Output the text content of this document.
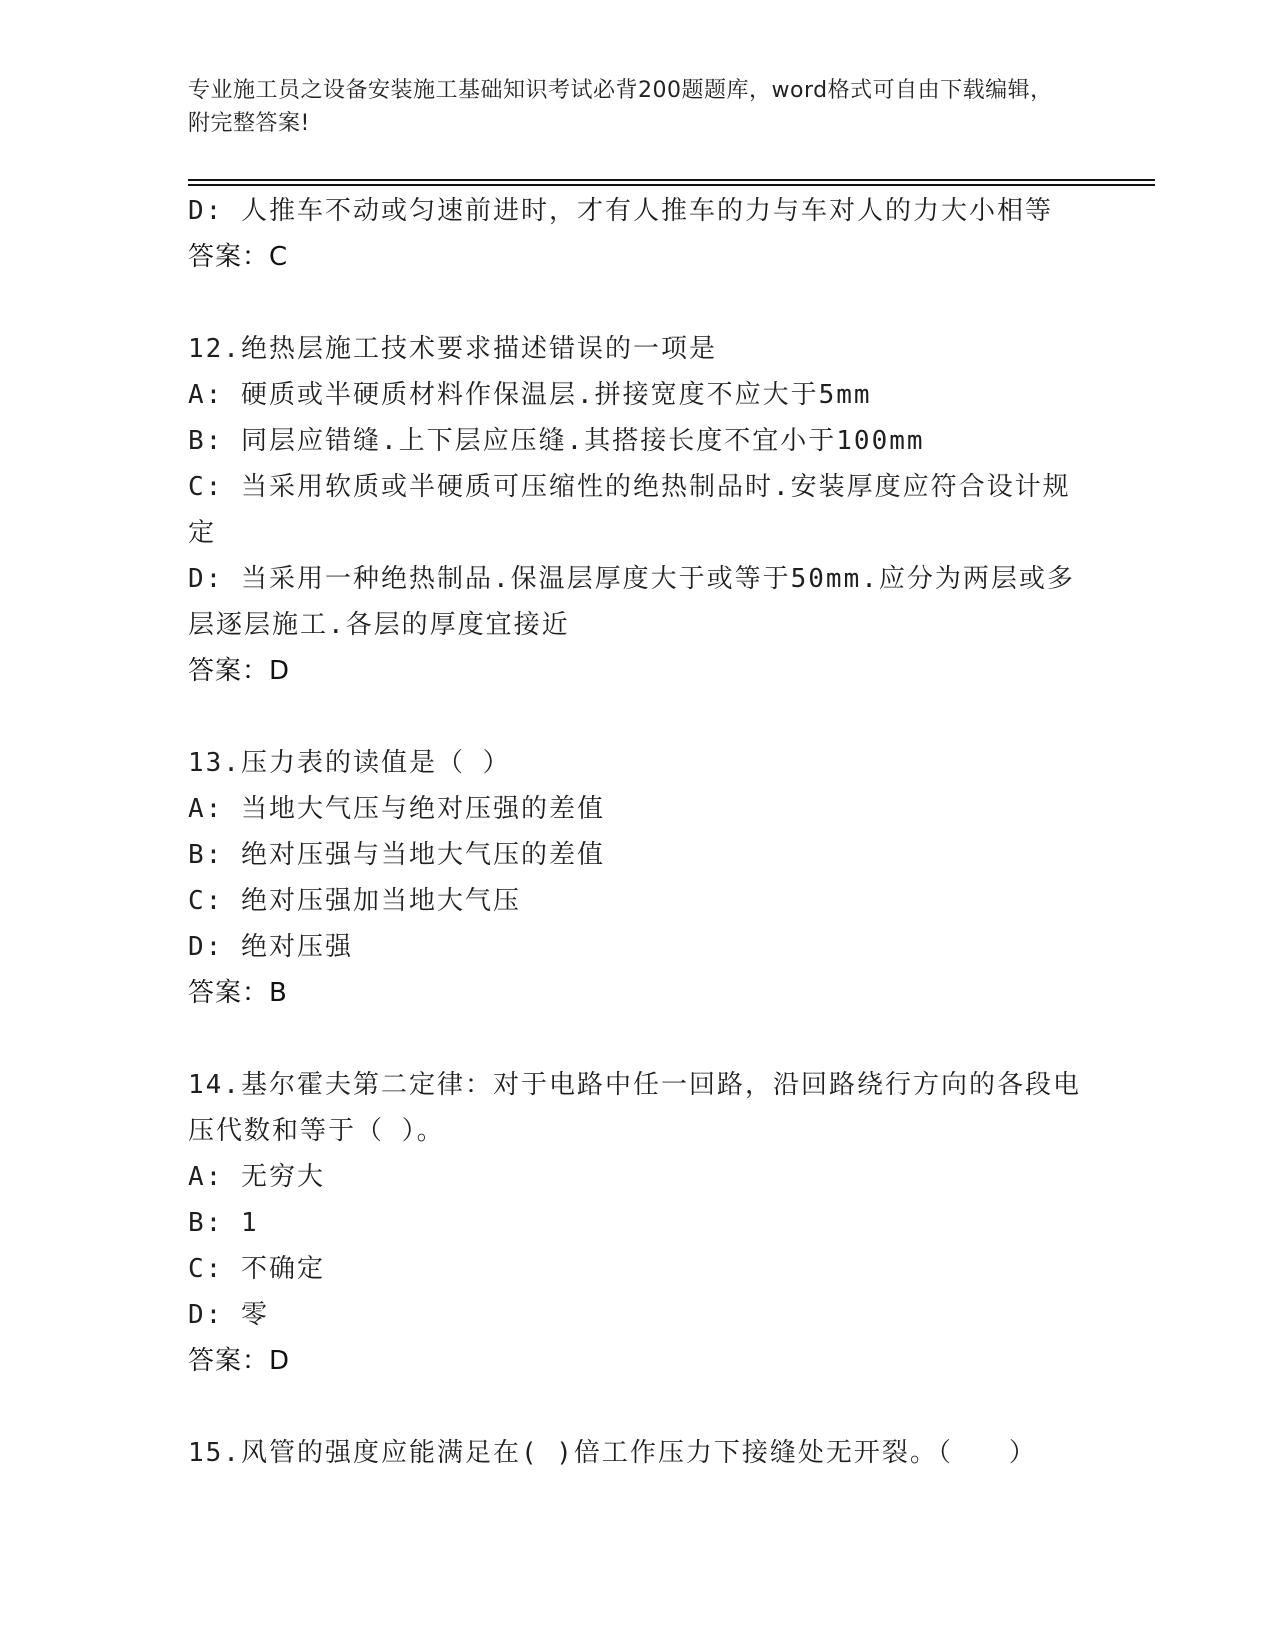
专业施工员之设备安装施工基础知识考试必背200题题库，word格式可自由下载编辑，附完整答案!
D: 人推车不动或匀速前进时，才有人推车的力与车对人的力大小相等
答案：C
12.绝热层施工技术要求描述错误的一项是
A: 硬质或半硬质材料作保温层.拼接宽度不应大于5mm
B: 同层应错缝.上下层应压缝.其搭接长度不宜小于100mm
C: 当采用软质或半硬质可压缩性的绝热制品时.安装厚度应符合设计规定
D: 当采用一种绝热制品.保温层厚度大于或等于50mm.应分为两层或多层逐层施工.各层的厚度宜接近
答案：D
13.压力表的读值是（ ）
A: 当地大气压与绝对压强的差值
B: 绝对压强与当地大气压的差值
C: 绝对压强加当地大气压
D: 绝对压强
答案：B
14.基尔霍夫第二定律：对于电路中任一回路，沿回路绕行方向的各段电压代数和等于（ ）。
A: 无穷大
B: 1
C: 不确定
D: 零
答案：D
15.风管的强度应能满足在( )倍工作压力下接缝处无开裂。（　　）
